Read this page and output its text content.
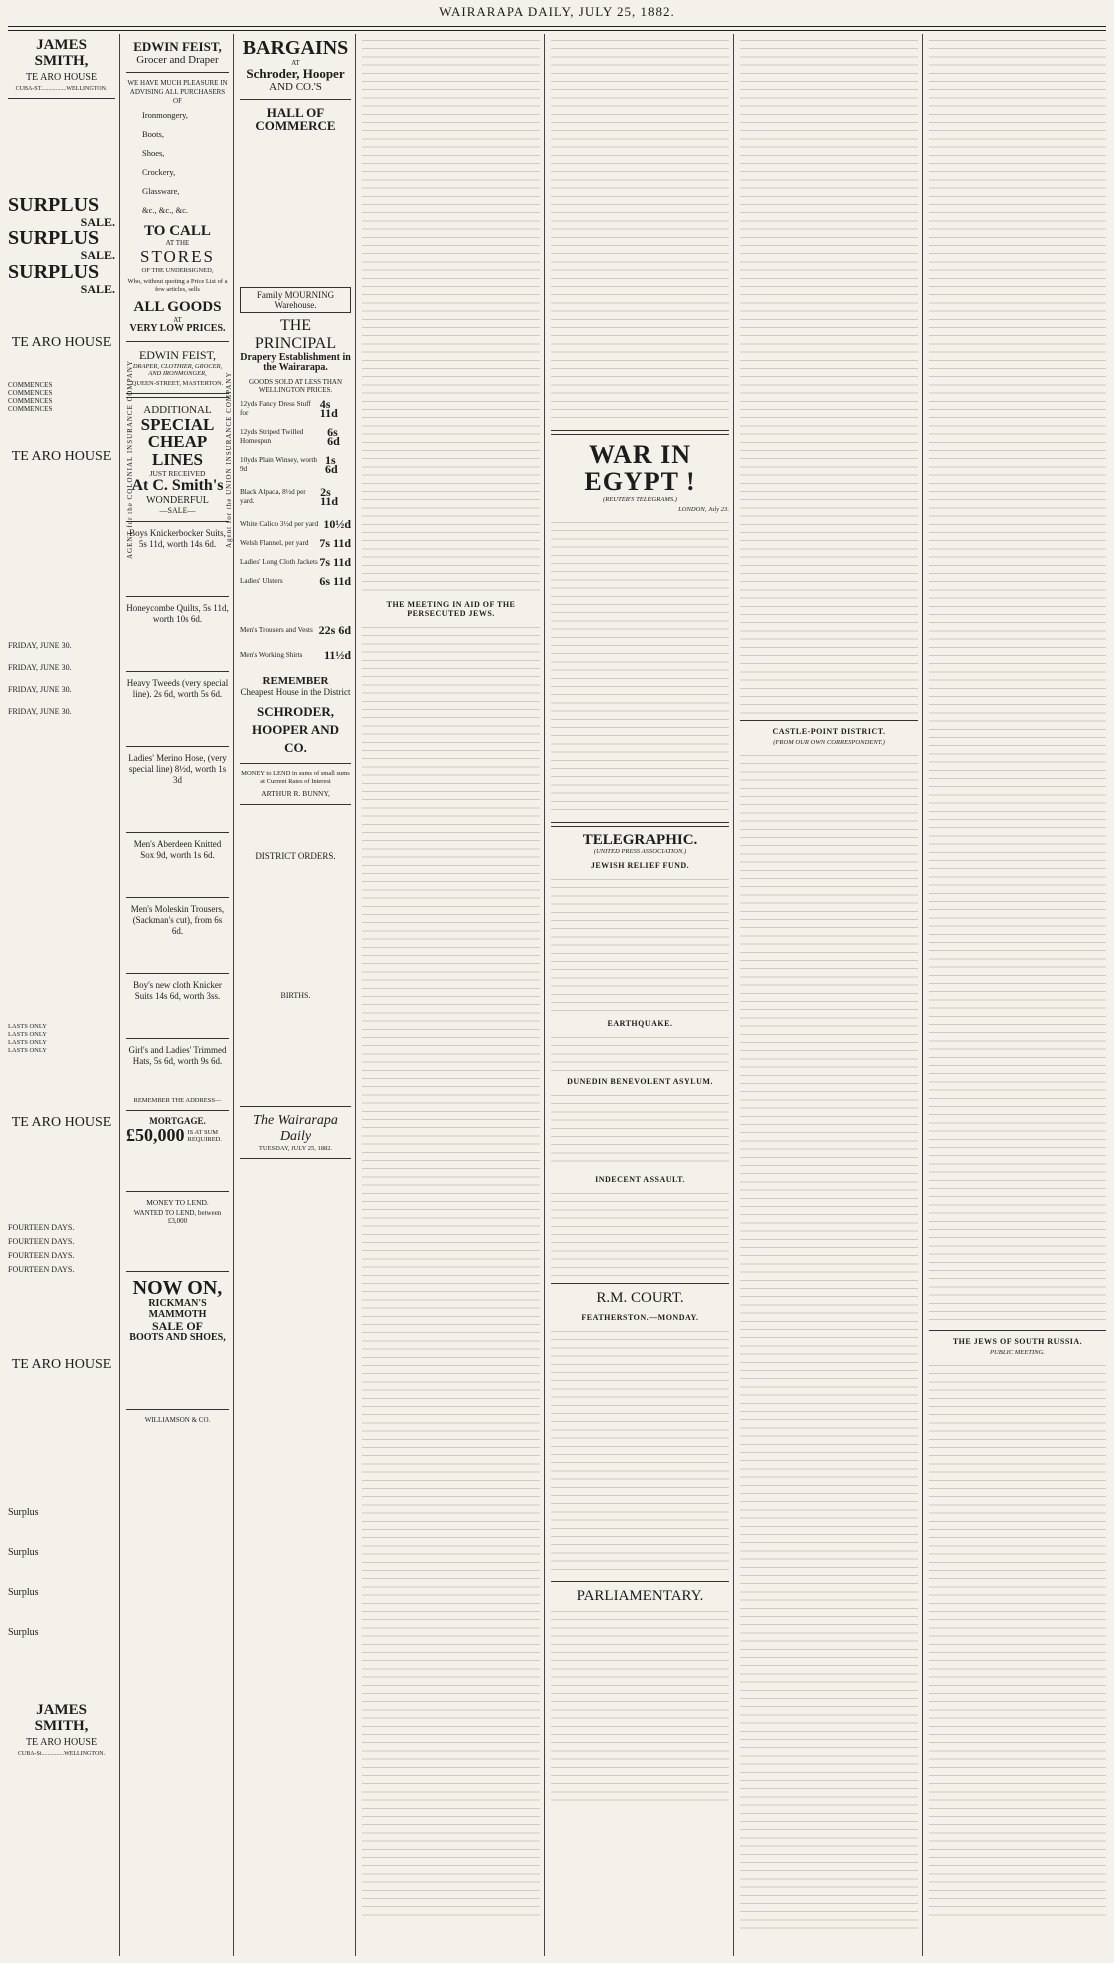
WAIRARAPA DAILY, JULY 25, 1882.
JAMES SMITH,
TE ARO HOUSE
CUBA-ST.................WELLINGTON.
SURPLUS
SALE.
SURPLUS
SALE.
SURPLUS
SALE.
TE ARO HOUSE
COMMENCES
COMMENCES
COMMENCES
COMMENCES
TE ARO HOUSE
FRIDAY, JUNE 30.
FRIDAY, JUNE 30.
FRIDAY, JUNE 30.
FRIDAY, JUNE 30.
LASTS ONLY
LASTS ONLY
LASTS ONLY
LASTS ONLY
TE ARO HOUSE
FOURTEEN DAYS.
FOURTEEN DAYS.
FOURTEEN DAYS.
FOURTEEN DAYS.
TE ARO HOUSE
Surplus
Surplus
Surplus
Surplus
JAMES SMITH,
TE ARO HOUSE
CUBA-St...............WELLINGTON.
EDWIN FEIST,
Grocer and Draper
WE HAVE MUCH PLEASURE IN ADVISING ALL PURCHASERS OF
Ironmongery,
Boots,
Shoes,
Crockery,
Glassware,
&c., &c., &c.
TO CALL
AT THE
STORES
OF THE UNDERSIGNED,
Who, without quoting a Price List of a few articles, sells
ALL GOODS
AT
VERY LOW PRICES.
EDWIN FEIST,
DRAPER, CLOTHIER, GROCER, AND IRONMONGER,
QUEEN-STREET, MASTERTON.
ADDITIONAL
SPECIAL CHEAP
LINES
JUST RECEIVED
At C. Smith's
WONDERFUL
—SALE—
Boys Knickerbocker Suits, 5s 11d, worth 14s 6d.
Honeycombe Quilts, 5s 11d, worth 10s 6d.
Heavy Tweeds (very special line). 2s 6d, worth 5s 6d.
Ladies' Merino Hose, (very special line) 8½d, worth 1s 3d
Men's Aberdeen Knitted Sox 9d, worth 1s 6d.
Men's Moleskin Trousers, (Sackman's cut), from 6s 6d.
Boy's new cloth Knicker Suits 14s 6d, worth 3ss.
Girl's and Ladies' Trimmed Hats, 5s 6d, worth 9s 6d.
REMEMBER THE ADDRESS—
MORTGAGE.
£50,000 IS AT SUM REQUIRED.
MONEY TO LEND.
WANTED TO LEND, between £3,000
NOW ON,
RICKMAN'S MAMMOTH
SALE OF
BOOTS AND SHOES,
WILLIAMSON & CO.
AGENT for the COLONIAL INSURANCE COMPANY	Agent for the UNION INSURANCE COMPANY
BARGAINS
AT
Schroder, Hooper
AND CO.'S
HALL OF COMMERCE
Family MOURNING Warehouse.
THE PRINCIPAL
Drapery Establishment in the Wairarapa.
GOODS SOLD AT LESS THAN WELLINGTON PRICES.
12yds Fancy Dress Stuff for
4s 11d
12yds Striped Twilled Homespun
6s 6d
10yds Plain Winsey, worth 9d
1s 6d
Black Alpaca, 8½d per yard.
2s 11d
White Calico 3½d per yard 10½d
Welsh Flannel, per yard 7s 11d
Ladies' Long Cloth Jackets 7s 11d
Ladies' Ulsters	6s 11d
Men's Trousers and Vests 22s 6d
Men's Working Shirts 11½d
REMEMBER
Cheapest House in the District
SCHRODER, HOOPER AND CO.
MONEY to LEND in sums of small sums at Current Rates of Interest
ARTHUR R. BUNNY,
DISTRICT ORDERS.
BIRTHS.
The Wairarapa Daily
TUESDAY, JULY 25, 1882.
THE MEETING IN AID OF THE PERSECUTED JEWS.
WAR IN EGYPT !
(REUTER'S TELEGRAMS.)
LONDON, July 23.
TELEGRAPHIC.
(UNITED PRESS ASSOCIATION.)
JEWISH RELIEF FUND.
EARTHQUAKE.
DUNEDIN BENEVOLENT ASYLUM.
INDECENT ASSAULT.
R.M. COURT.
FEATHERSTON.—MONDAY.
PARLIAMENTARY.
CASTLE-POINT DISTRICT.
(FROM OUR OWN CORRESPONDENT.)
THE JEWS OF SOUTH RUSSIA.
PUBLIC MEETING.
